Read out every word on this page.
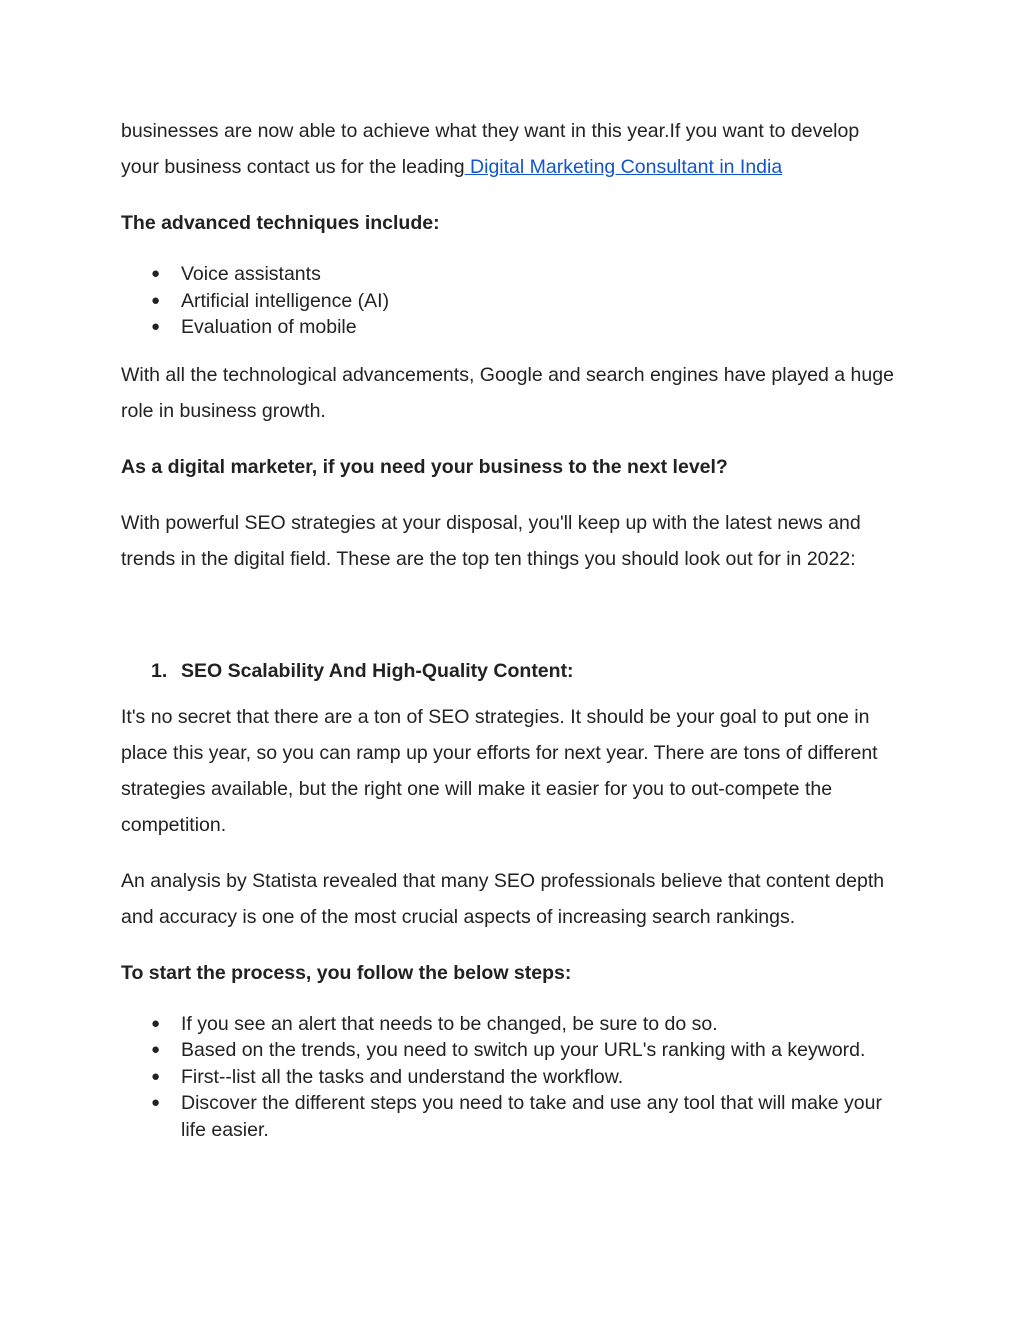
businesses are now able to achieve what they want in this year.If you want to develop
your business contact us for the leading Digital Marketing Consultant in India

The advanced techniques include:

● Voice assistants
● Artificial intelligence (AI)
● Evaluation of mobile

With all the technological advancements, Google and search engines have played a huge role in business growth.

As a digital marketer, if you need your business to the next level?

With powerful SEO strategies at your disposal, you'll keep up with the latest news and trends in the digital field. These are the top ten things you should look out for in 2022:

1. SEO Scalability And High-Quality Content:

It's no secret that there are a ton of SEO strategies. It should be your goal to put one in place this year, so you can ramp up your efforts for next year. There are tons of different strategies available, but the right one will make it easier for you to out-compete the competition.

An analysis by Statista revealed that many SEO professionals believe that content depth and accuracy is one of the most crucial aspects of increasing search rankings.

To start the process, you follow the below steps:

● If you see an alert that needs to be changed, be sure to do so.
● Based on the trends, you need to switch up your URL's ranking with a keyword.
● First--list all the tasks and understand the workflow.
● Discover the different steps you need to take and use any tool that will make your life easier.
